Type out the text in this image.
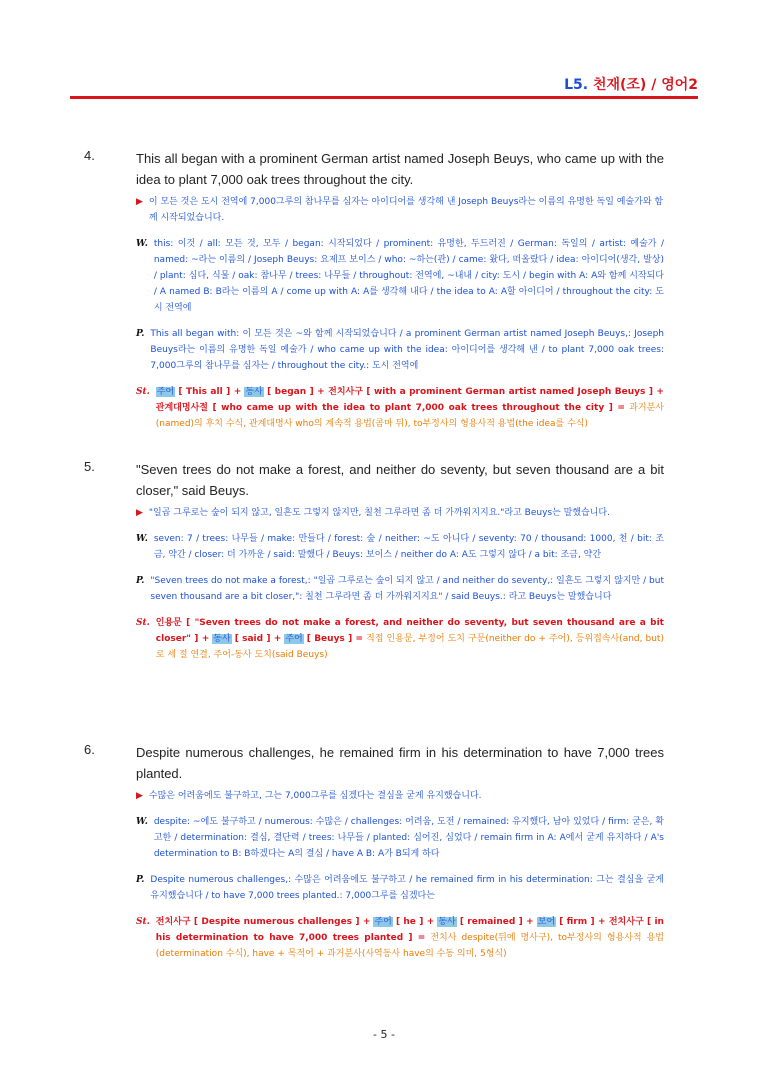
L5. 천재(조) / 영어2
4.	This all began with a prominent German artist named Joseph Beuys, who came up with the idea to plant 7,000 oak trees throughout the city.
▶ 이 모든 것은 도시 전역에 7,000그루의 참나무를 심자는 아이디어를 생각해 낸 Joseph Beuys라는 이름의 유명한 독일 예술가와 함께 시작되었습니다.
W. this: 이것 / all: 모든 것, 모두 / began: 시작되었다 / prominent: 유명한, 두드러진 / German: 독일의 / artist: 예술가 / named: ~라는 이름의 / Joseph Beuys: 요제프 보이스 / who: ~하는(관) / came: 왔다, 떠올랐다 / idea: 아이디어(생각, 발상) / plant: 심다, 식물 / oak: 참나무 / trees: 나무들 / throughout: 전역에, ~내내 / city: 도시 / begin with A: A와 함께 시작되다 / A named B: B라는 이름의 A / come up with A: A를 생각해 내다 / the idea to A: A할 아이디어 / throughout the city: 도시 전역에
P. This all began with: 이 모든 것은 ~와 함께 시작되었습니다 / a prominent German artist named Joseph Beuys,: Joseph Beuys라는 이름의 유명한 독일 예술가 / who came up with the idea: 아이디어를 생각해 낸 / to plant 7,000 oak trees: 7,000그루의 참나무를 심자는 / throughout the city.: 도시 전역에
St. 주어 [ This all ] + 동사 [ began ] + 전치사구 [ with a prominent German artist named Joseph Beuys ] + 관계대명사절 [ who came up with the idea to plant 7,000 oak trees throughout the city ] = 과거분사(named)의 후치 수식, 관계대명사 who의 계속적 용법(콤마 뒤), to부정사의 형용사적 용법(the idea를 수식)
5.	"Seven trees do not make a forest, and neither do seventy, but seven thousand are a bit closer," said Beuys.
▶ "일곱 그루로는 숲이 되지 않고, 일흔도 그렇지 않지만, 칠천 그루라면 좀 더 가까워지지요."라고 Beuys는 말했습니다.
W. seven: 7 / trees: 나무들 / make: 만들다 / forest: 숲 / neither: ~도 아니다 / seventy: 70 / thousand: 1000, 천 / bit: 조금, 약간 / closer: 더 가까운 / said: 말했다 / Beuys: 보이스 / neither do A: A도 그렇지 않다 / a bit: 조금, 약간
P. "Seven trees do not make a forest,: "일곱 그루로는 숲이 되지 않고 / and neither do seventy,: 일흔도 그렇지 않지만 / but seven thousand are a bit closer,": 칠천 그루라면 좀 더 가까워지지요" / said Beuys.: 라고 Beuys는 말했습니다
St. 인용문 [ "Seven trees do not make a forest, and neither do seventy, but seven thousand are a bit closer" ] + 동사 [ said ] + 주어 [ Beuys ] = 직접 인용문, 부정어 도치 구문(neither do + 주어), 등위접속사(and, but)로 세 절 연결, 주어-동사 도치(said Beuys)
6.	Despite numerous challenges, he remained firm in his determination to have 7,000 trees planted.
▶ 수많은 어려움에도 불구하고, 그는 7,000그루를 심겠다는 결심을 굳게 유지했습니다.
W. despite: ~에도 불구하고 / numerous: 수많은 / challenges: 어려움, 도전 / remained: 유지했다, 남아 있었다 / firm: 굳은, 확고한 / determination: 결심, 결단력 / trees: 나무들 / planted: 심어진, 심었다 / remain firm in A: A에서 굳게 유지하다 / A's determination to B: B하겠다는 A의 결심 / have A B: A가 B되게 하다
P. Despite numerous challenges,: 수많은 어려움에도 불구하고 / he remained firm in his determination: 그는 결심을 굳게 유지했습니다 / to have 7,000 trees planted.: 7,000그루를 심겠다는
St. 전치사구 [ Despite numerous challenges ] + 주어 [ he ] + 동사 [ remained ] + 보어 [ firm ] + 전치사구 [ in his determination to have 7,000 trees planted ] = 전치사 despite(뒤에 명사구), to부정사의 형용사적 용법(determination 수식), have + 목적어 + 과거분사(사역동사 have의 수동 의미, 5형식)
- 5 -
